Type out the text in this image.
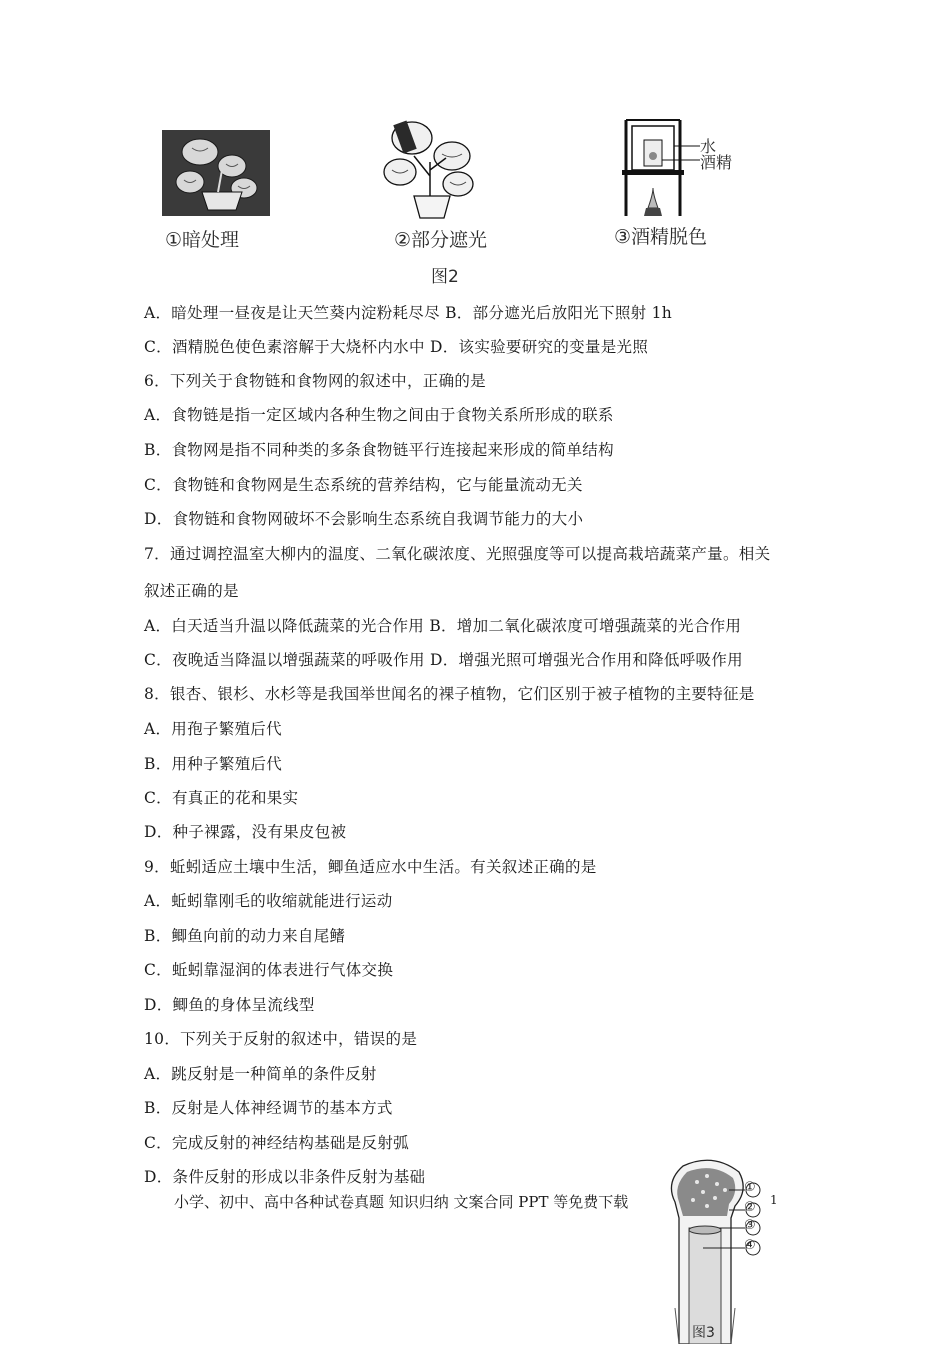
①暗处理	②部分遮光
水
酒精
③酒精脱色
图2
A．暗处理一昼夜是让天竺葵内淀粉耗尽尽 B．部分遮光后放阳光下照射 1h
C．酒精脱色使色素溶解于大烧杯内水中 D．该实验要研究的变量是光照
6．下列关于食物链和食物网的叙述中，正确的是
A．食物链是指一定区域内各种生物之间由于食物关系所形成的联系
B．食物网是指不同种类的多条食物链平行连接起来形成的简单结构
C．食物链和食物网是生态系统的营养结构，它与能量流动无关
D．食物链和食物网破坏不会影响生态系统自我调节能力的大小
7．通过调控温室大柳内的温度、二氧化碳浓度、光照强度等可以提高栽培蔬菜产量。相关
叙述正确的是
A．白天适当升温以降低蔬菜的光合作用 B．增加二氧化碳浓度可增强蔬菜的光合作用
C．夜晚适当降温以增强蔬菜的呼吸作用 D．增强光照可增强光合作用和降低呼吸作用
8．银杏、银杉、水杉等是我国举世闻名的裸子植物，它们区别于被子植物的主要特征是
A．用孢子繁殖后代
B．用种子繁殖后代
C．有真正的花和果实
D．种子裸露，没有果皮包被
9．蚯蚓适应土壤中生活，鲫鱼适应水中生活。有关叙述正确的是
A．蚯蚓靠刚毛的收缩就能进行运动
B．鲫鱼向前的动力来自尾鳍
C．蚯蚓靠湿润的体表进行气体交换
D．鲫鱼的身体呈流线型
10．下列关于反射的叙述中，错误的是
A．跳反射是一种简单的条件反射
B．反射是人体神经调节的基本方式
C．完成反射的神经结构基础是反射弧
D．条件反射的形成以非条件反射为基础
小学、初中、高中各种试卷真题 知识归纳 文案合同 PPT 等免费下载	1
①
②
③
④
图3
